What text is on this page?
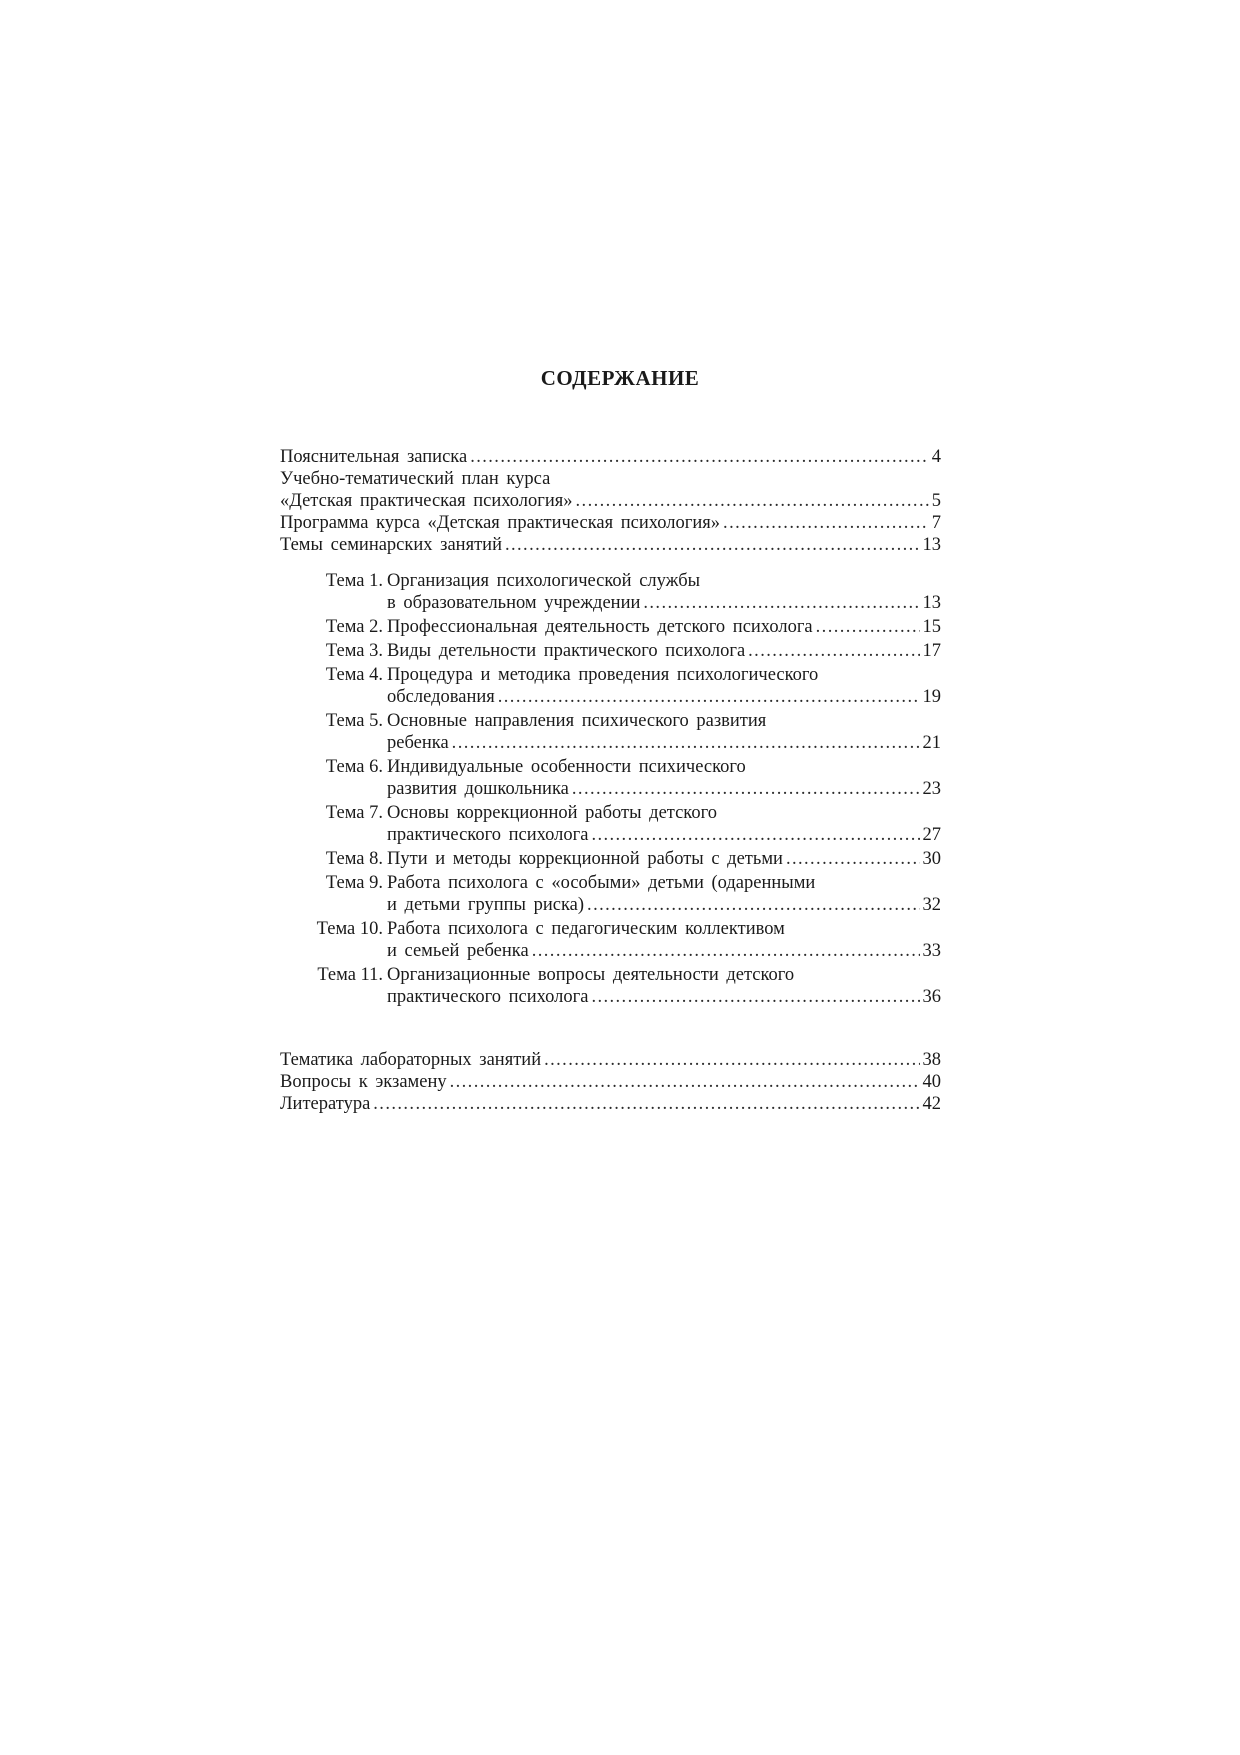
СОДЕРЖАНИЕ
Пояснительная записка .....	4
Учебно-тематический план курса
«Детская практическая психология» .....	5
Программа курса «Детская практическая психология» .....	7
Темы семинарских занятий .....	13
Тема 1. Организация психологической службы
в образовательном учреждении .....	13
Тема 2. Профессиональная деятельность детского психолога .....	15
Тема 3. Виды детельности практического психолога .....	17
Тема 4. Процедура и методика проведения психологического
обследования .....	19
Тема 5. Основные направления психического развития
ребенка .....	21
Тема 6. Индивидуальные особенности психического
развития дошкольника .....	23
Тема 7. Основы коррекционной работы детского
практического психолога .....	27
Тема 8. Пути и методы коррекционной работы с детьми .....	30
Тема 9. Работа психолога с «особыми» детьми (одаренными
и детьми группы риска) .....	32
Тема 10. Работа психолога с педагогическим коллективом
и семьей ребенка .....	33
Тема 11. Организационные вопросы деятельности детского
практического психолога .....	36
Тематика лабораторных занятий .....	38
Вопросы к экзамену .....	40
Литература .....	42
